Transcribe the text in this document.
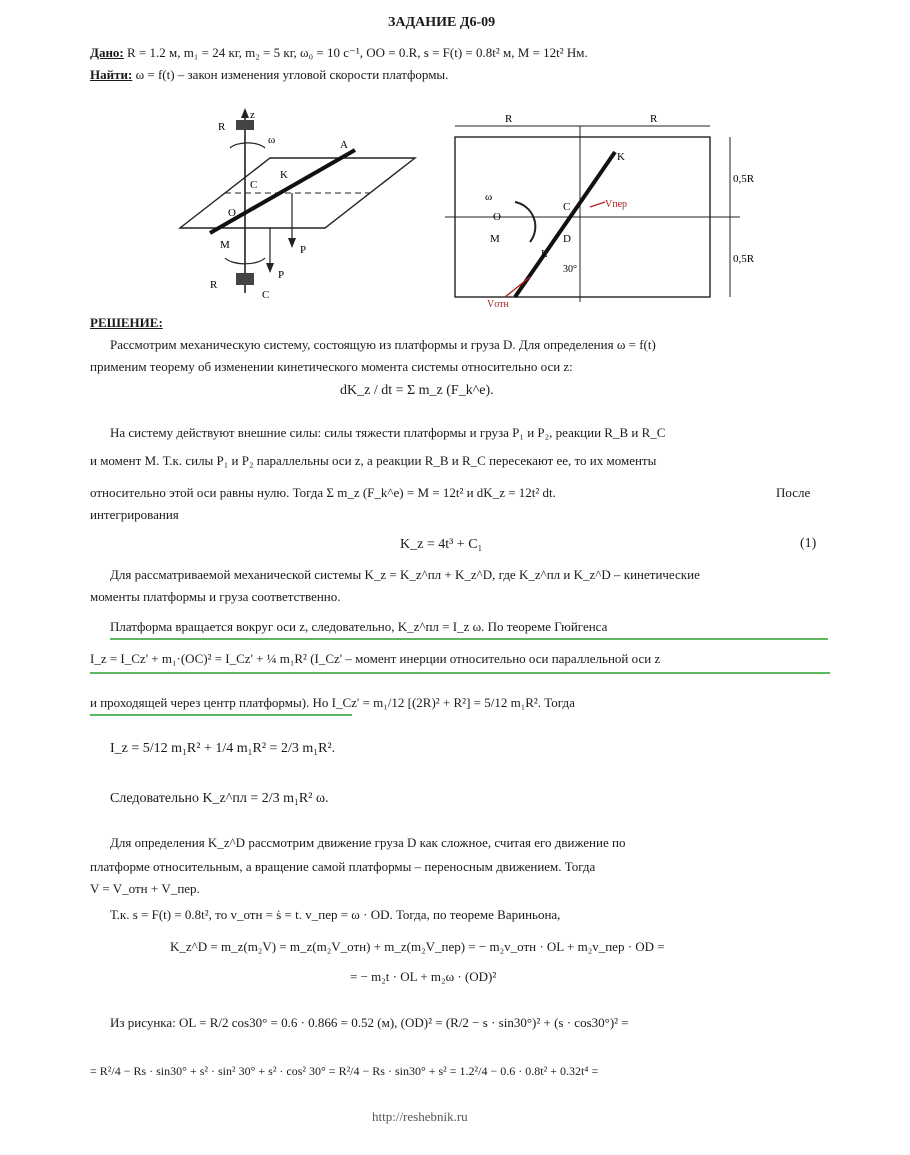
ЗАДАНИЕ Д6-09
Дано: R = 1.2 м, m₁ = 24 кг, m₂ = 5 кг, ω₀ = 10 с⁻¹, OO = 0.R, s = F(t) = 0.8t² м, M = 12t² Нм.
Найти: ω = f(t) – закон изменения угловой скорости платформы.
z
R
ω
C
K
O
P
P
M
R
C
A
R	R
0,5R
0,5R
K
ω
C	Vпер
O
M	D
L
30°
Vотн
РЕШЕНИЕ:
Рассмотрим механическую систему, состоящую из платформы и груза D. Для определения ω = f(t)
применим теорему об изменении кинетического момента системы относительно оси z:
dK_z / dt = Σ m_z (F_k^e).
На систему действуют внешние силы: силы тяжести платформы и груза P₁ и P₂, реакции R_B и R_C
и момент M. Т.к. силы P₁ и P₂ параллельны оси z, а реакции R_B и R_C пересекают ее, то их моменты
относительно этой оси равны нулю. Тогда Σ m_z (F_k^e) = M = 12t² и dK_z = 12t² dt.	После
интегрирования
K_z = 4t³ + C₁	(1)
Для рассматриваемой механической системы K_z = K_z^пл + K_z^D, где K_z^пл и K_z^D – кинетические
моменты платформы и груза соответственно.
Платформа вращается вокруг оси z, следовательно, K_z^пл = I_z ω. По теореме Гюйгенса
I_z = I_Cz' + m₁·(OC)² = I_Cz' + ¼ m₁R² (I_Cz' – момент инерции относительно оси параллельной оси z
и проходящей через центр платформы). Но I_Cz' = m₁/12 [(2R)² + R²] = 5/12 m₁R². Тогда
I_z = 5/12 m₁R² + 1/4 m₁R² = 2/3 m₁R².
Следовательно K_z^пл = 2/3 m₁R² ω.
Для определения K_z^D рассмотрим движение груза D как сложное, считая его движение по
платформе относительным, а вращение самой платформы – переносным движением. Тогда
V = V_отн + V_пер.
Т.к. s = F(t) = 0.8t², то v_отн = ṡ = t. v_пер = ω · OD. Тогда, по теореме Вариньона,
K_z^D = m_z(m₂V) = m_z(m₂V_отн) + m_z(m₂V_пер) = − m₂v_отн · OL + m₂v_пер · OD =
= − m₂t · OL + m₂ω · (OD)²
Из рисунка: OL = R/2 cos30° = 0.6 · 0.866 = 0.52 (м), (OD)² = (R/2 − s · sin30°)² + (s · cos30°)² =
= R²/4 − Rs · sin30° + s² · sin² 30° + s² · cos² 30° = R²/4 − Rs · sin30° + s² = 1.2²/4 − 0.6 · 0.8t² + 0.32t⁴ =
http://reshebnik.ru
